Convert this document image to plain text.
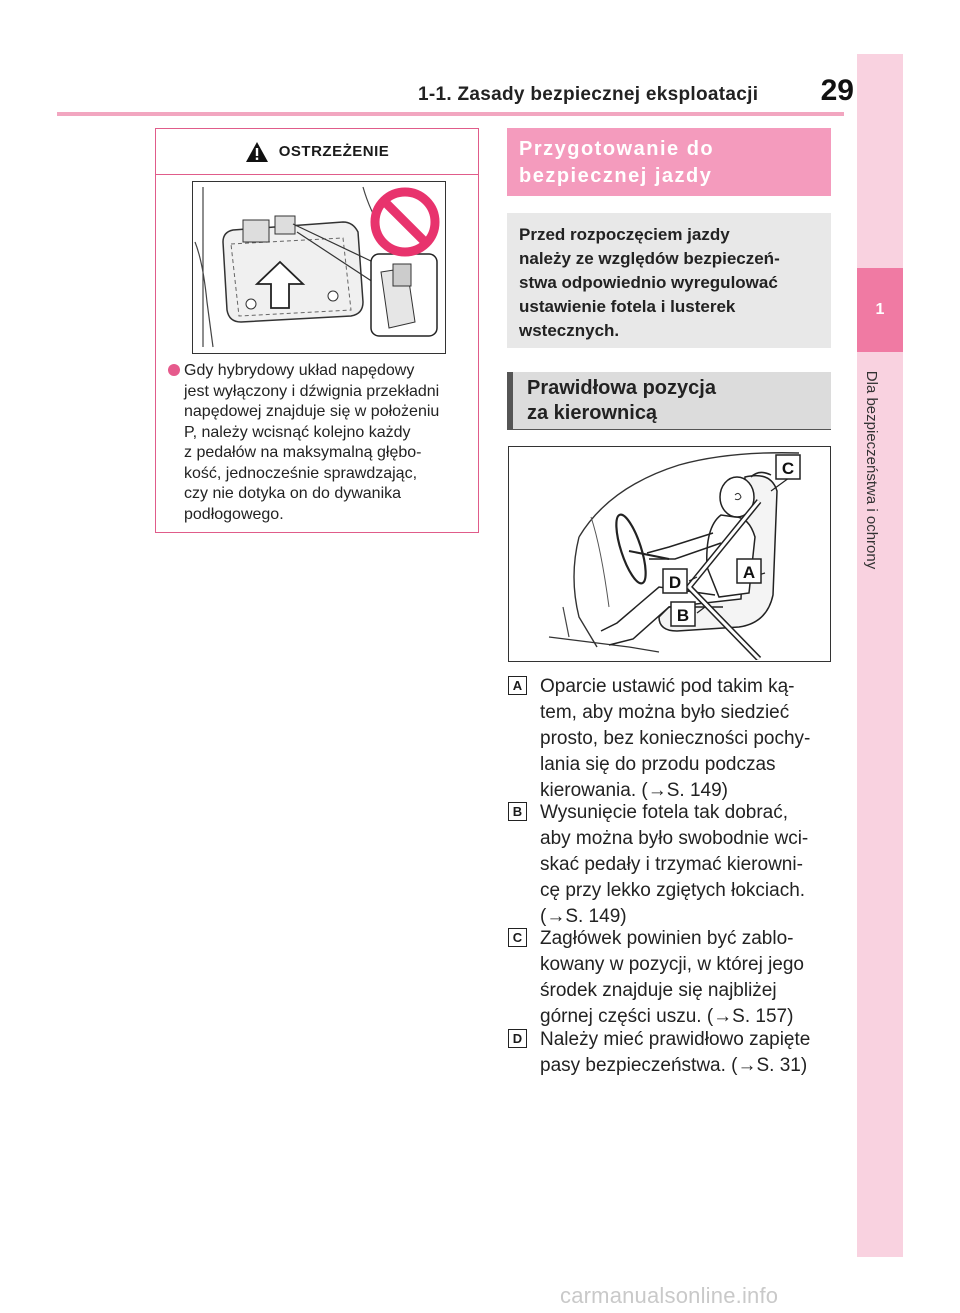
1-1. Zasady bezpiecznej eksploatacji	29
1
Dla bezpieczeństwa i ochrony
OSTRZEŻENIE
Gdy hybrydowy układ napędowy
jest wyłączony i dźwignia przekładni
napędowej znajduje się w położeniu
P, należy wcisnąć kolejno każdy
z pedałów na maksymalną głębo-
kość, jednocześnie sprawdzając,
czy nie dotyka on do dywanika
podłogowego.
Przygotowanie do
bezpiecznej jazdy
Przed rozpoczęciem jazdy
należy ze względów bezpieczeń-
stwa odpowiednio wyregulować
ustawienie fotela i lusterek
wstecznych.
Prawidłowa pozycja
za kierownicą
C
A
D
B
A Oparcie ustawić pod takim ką-
tem, aby można było siedzieć
prosto, bez konieczności pochy-
lania się do przodu podczas
kierowania. (→S. 149)
B Wysunięcie fotela tak dobrać,
aby można było swobodnie wci-
skać pedały i trzymać kierowni-
cę przy lekko zgiętych łokciach.
(→S. 149)
C Zagłówek powinien być zablo-
kowany w pozycji, w której jego
środek znajduje się najbliżej
górnej części uszu. (→S. 157)
D Należy mieć prawidłowo zapięte
pasy bezpieczeństwa. (→S. 31)
carmanualsonline.info
